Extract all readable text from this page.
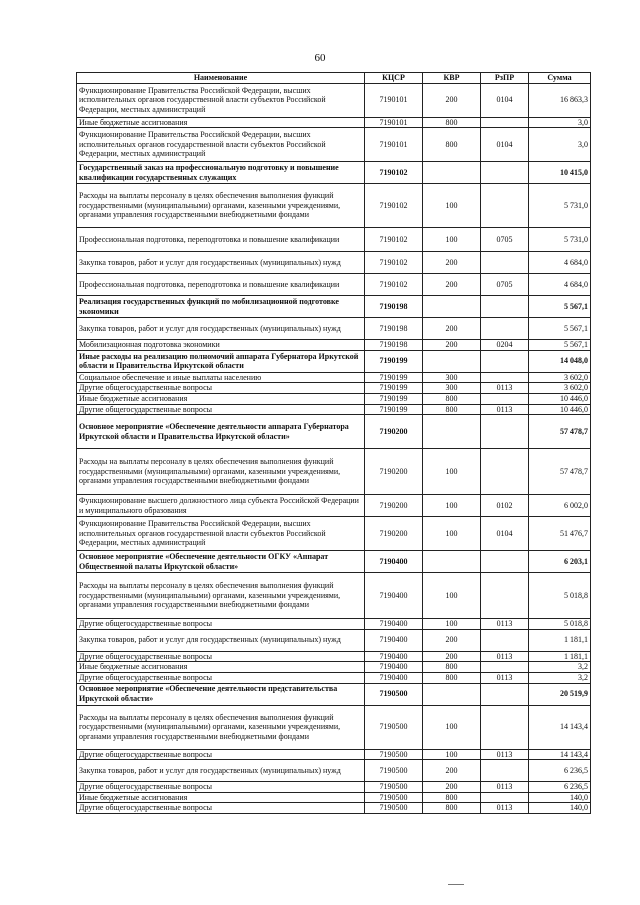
60
Наименование	КЦСР	КВР	РзПР	Сумма
Функционирование Правительства Российской Федерации, высших исполнительных органов государственной власти субъектов Российской Федерации, местных администраций	7190101	200	0104	16 863,3
Иные бюджетные ассигнования	7190101	800		3,0
Функционирование Правительства Российской Федерации, высших исполнительных органов государственной власти субъектов Российской Федерации, местных администраций	7190101	800	0104	3,0
Государственный заказ на профессиональную подготовку и повышение квалификации государственных служащих	7190102			10 415,0
Расходы на выплаты персоналу в целях обеспечения выполнения функций государственными (муниципальными) органами, казенными учреждениями, органами управления государственными внебюджетными фондами	7190102	100		5 731,0
Профессиональная подготовка, переподготовка и повышение квалификации	7190102	100	0705	5 731,0
Закупка товаров, работ и услуг для государственных (муниципальных) нужд	7190102	200		4 684,0
Профессиональная подготовка, переподготовка и повышение квалификации	7190102	200	0705	4 684,0
Реализация государственных функций по мобилизационной подготовке экономики	7190198			5 567,1
Закупка товаров, работ и услуг для государственных (муниципальных) нужд	7190198	200		5 567,1
Мобилизационная подготовка экономики	7190198	200	0204	5 567,1
Иные расходы на реализацию полномочий аппарата Губернатора Иркутской области и Правительства Иркутской области	7190199			14 048,0
Социальное обеспечение и иные выплаты населению	7190199	300		3 602,0
Другие общегосударственные вопросы	7190199	300	0113	3 602,0
Иные бюджетные ассигнования	7190199	800		10 446,0
Другие общегосударственные вопросы	7190199	800	0113	10 446,0
Основное мероприятие «Обеспечение деятельности аппарата Губернатора Иркутской области и Правительства Иркутской области»	7190200			57 478,7
Расходы на выплаты персоналу в целях обеспечения выполнения функций государственными (муниципальными) органами, казенными учреждениями, органами управления государственными внебюджетными фондами	7190200	100		57 478,7
Функционирование высшего должностного лица субъекта Российской Федерации и муниципального образования	7190200	100	0102	6 002,0
Функционирование Правительства Российской Федерации, высших исполнительных органов государственной власти субъектов Российской Федерации, местных администраций	7190200	100	0104	51 476,7
Основное мероприятие «Обеспечение деятельности ОГКУ «Аппарат Общественной палаты Иркутской области»	7190400			6 203,1
Расходы на выплаты персоналу в целях обеспечения выполнения функций государственными (муниципальными) органами, казенными учреждениями, органами управления государственными внебюджетными фондами	7190400	100		5 018,8
Другие общегосударственные вопросы	7190400	100	0113	5 018,8
Закупка товаров, работ и услуг для государственных (муниципальных) нужд	7190400	200		1 181,1
Другие общегосударственные вопросы	7190400	200	0113	1 181,1
Иные бюджетные ассигнования	7190400	800		3,2
Другие общегосударственные вопросы	7190400	800	0113	3,2
Основное мероприятие «Обеспечение деятельности представительства Иркутской области»	7190500			20 519,9
Расходы на выплаты персоналу в целях обеспечения выполнения функций государственными (муниципальными) органами, казенными учреждениями, органами управления государственными внебюджетными фондами	7190500	100		14 143,4
Другие общегосударственные вопросы	7190500	100	0113	14 143,4
Закупка товаров, работ и услуг для государственных (муниципальных) нужд	7190500	200		6 236,5
Другие общегосударственные вопросы	7190500	200	0113	6 236,5
Иные бюджетные ассигнования	7190500	800		140,0
Другие общегосударственные вопросы	7190500	800	0113	140,0
